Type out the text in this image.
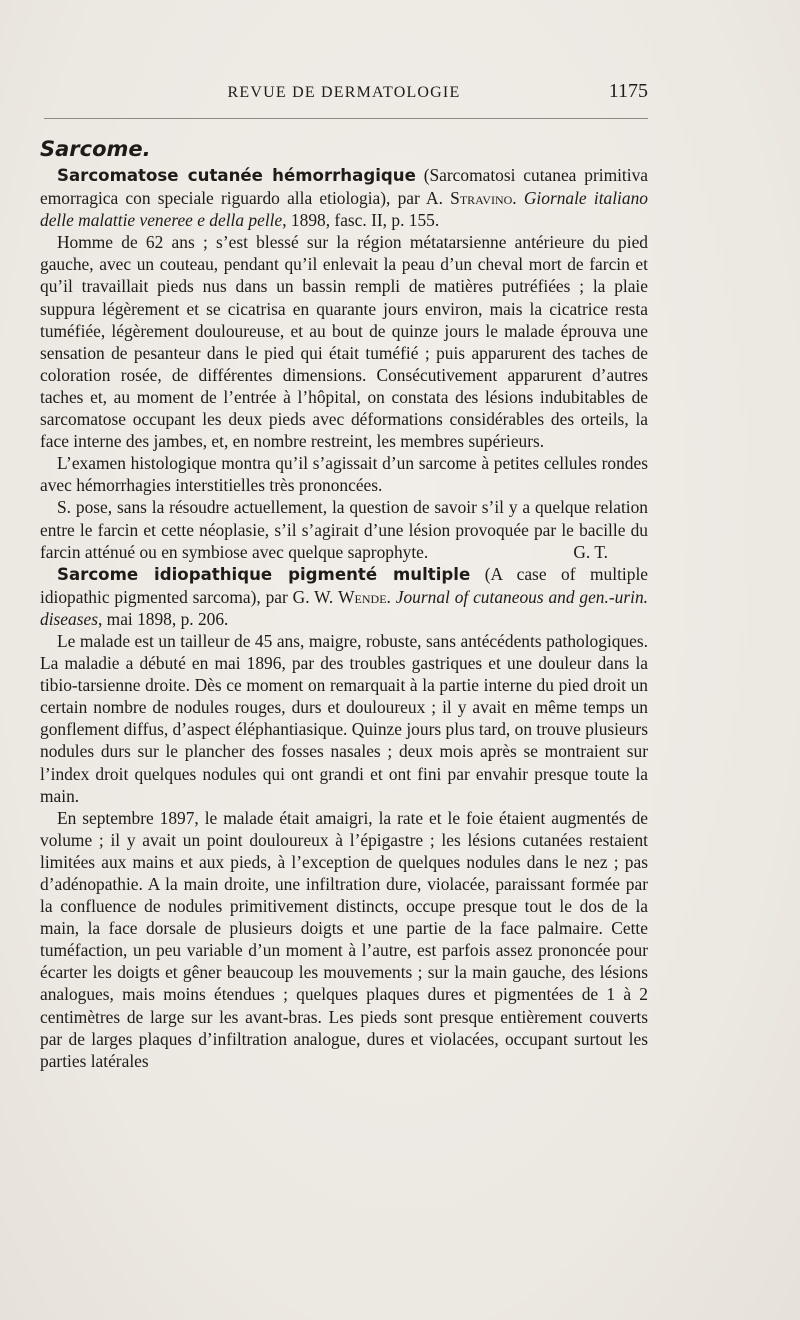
REVUE DE DERMATOLOGIE	1175
Sarcome.

Sarcomatose cutanée hémorrhagique (Sarcomatosi cutanea primitiva emorragica con speciale riguardo alla etiologia), par A. Stravino. Giornale italiano delle malattie veneree e della pelle, 1898, fasc. II, p. 155.

Homme de 62 ans ; s’est blessé sur la région métatarsienne antérieure du pied gauche, avec un couteau, pendant qu’il enlevait la peau d’un cheval mort de farcin et qu’il travaillait pieds nus dans un bassin rempli de matières putréfiées ; la plaie suppura légèrement et se cicatrisa en quarante jours environ, mais la cicatrice resta tuméfiée, légèrement douloureuse, et au bout de quinze jours le malade éprouva une sensation de pesanteur dans le pied qui était tuméfié ; puis apparurent des taches de coloration rosée, de différentes dimensions. Consécutivement apparurent d’autres taches et, au moment de l’entrée à l’hôpital, on constata des lésions indubitables de sarcomatose occupant les deux pieds avec déformations considérables des orteils, la face interne des jambes, et, en nombre restreint, les membres supérieurs.

L’examen histologique montra qu’il s’agissait d’un sarcome à petites cellules rondes avec hémorrhagies interstitielles très prononcées.

S. pose, sans la résoudre actuellement, la question de savoir s’il y a quelque relation entre le farcin et cette néoplasie, s’il s’agirait d’une lésion provoquée par le bacille du farcin atténué ou en symbiose avec quelque saprophyte.	G. T.

Sarcome idiopathique pigmenté multiple (A case of multiple idiopathic pigmented sarcoma), par G. W. Wende. Journal of cutaneous and gen.-urin. diseases, mai 1898, p. 206.

Le malade est un tailleur de 45 ans, maigre, robuste, sans antécédents pathologiques. La maladie a débuté en mai 1896, par des troubles gastriques et une douleur dans la tibio-tarsienne droite. Dès ce moment on remarquait à la partie interne du pied droit un certain nombre de nodules rouges, durs et douloureux ; il y avait en même temps un gonflement diffus, d’aspect éléphantiasique. Quinze jours plus tard, on trouve plusieurs nodules durs sur le plancher des fosses nasales ; deux mois après se montraient sur l’index droit quelques nodules qui ont grandi et ont fini par envahir presque toute la main.

En septembre 1897, le malade était amaigri, la rate et le foie étaient augmentés de volume ; il y avait un point douloureux à l’épigastre ; les lésions cutanées restaient limitées aux mains et aux pieds, à l’exception de quelques nodules dans le nez ; pas d’adénopathie. A la main droite, une infiltration dure, violacée, paraissant formée par la confluence de nodules primitivement distincts, occupe presque tout le dos de la main, la face dorsale de plusieurs doigts et une partie de la face palmaire. Cette tuméfaction, un peu variable d’un moment à l’autre, est parfois assez prononcée pour écarter les doigts et gêner beaucoup les mouvements ; sur la main gauche, des lésions analogues, mais moins étendues ; quelques plaques dures et pigmentées de 1 à 2 centimètres de large sur les avant-bras. Les pieds sont presque entièrement couverts par de larges plaques d’infiltration analogue, dures et violacées, occupant surtout les parties latérales
